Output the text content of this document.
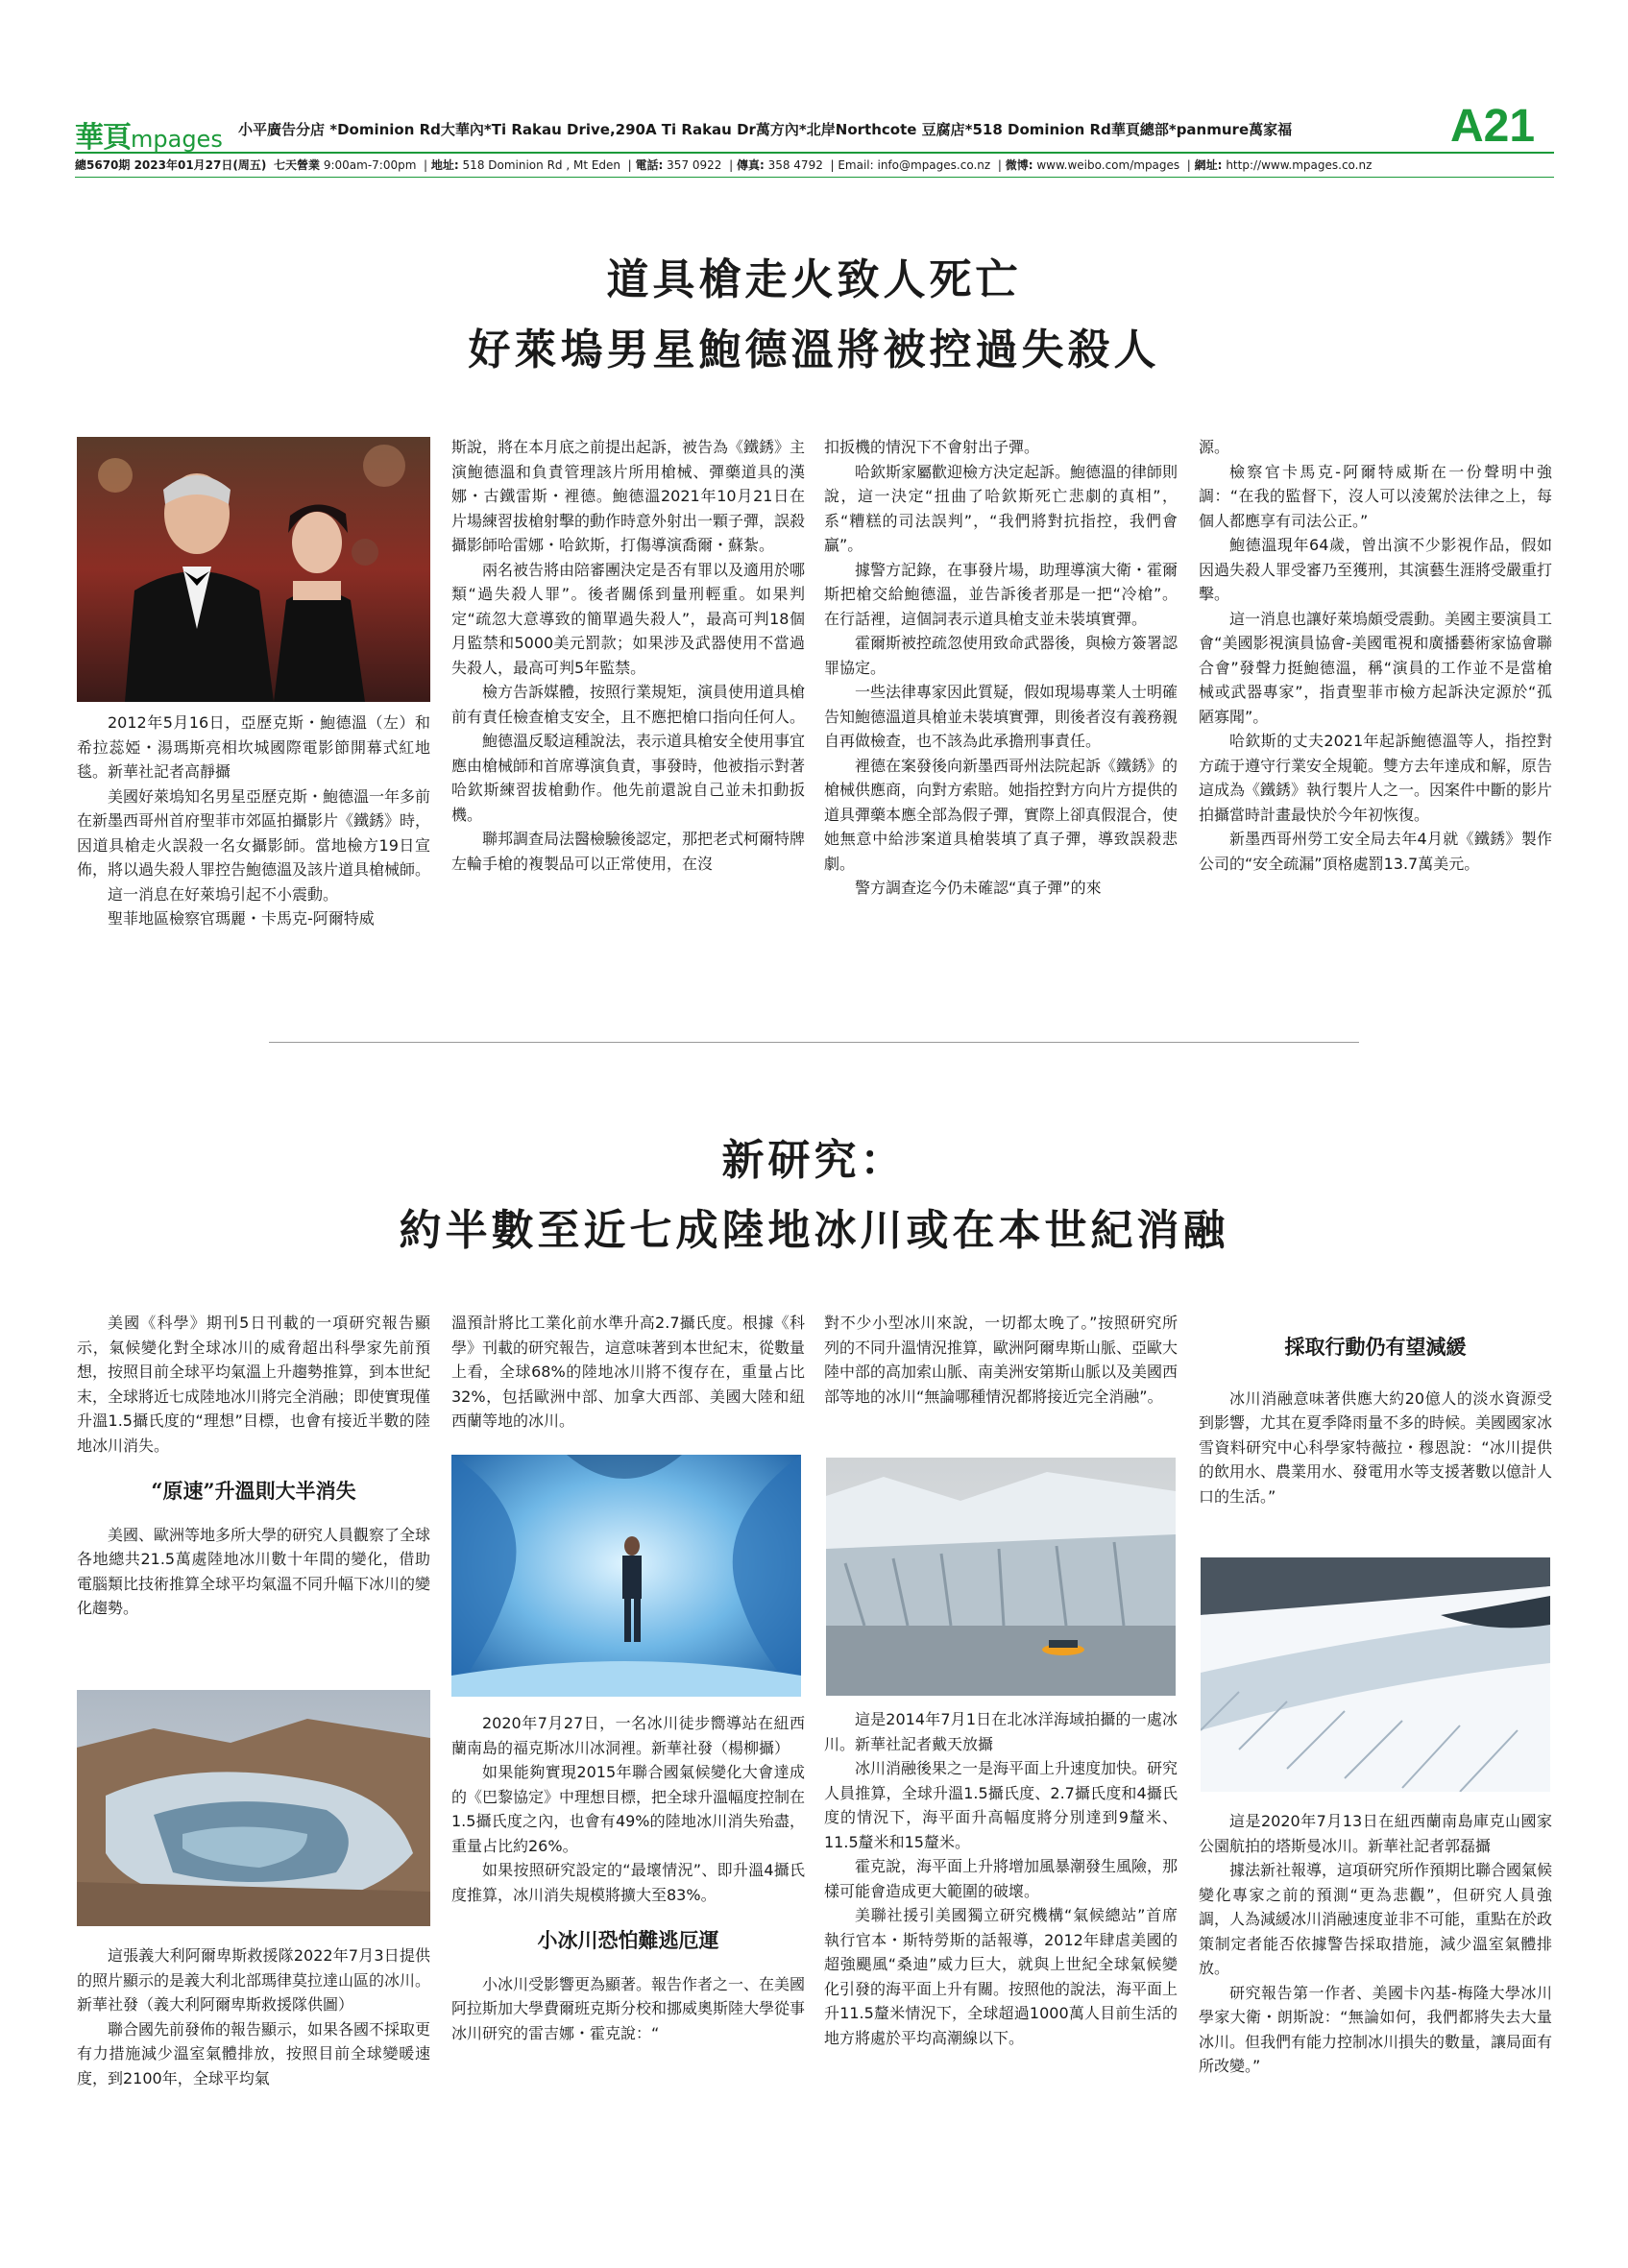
華頁mpages	小平廣告分店 *Dominion Rd大華內*Ti Rakau Drive,290A Ti Rakau Dr萬方內*北岸Northcote 豆腐店*518 Dominion Rd華頁總部*panmure萬家福	A21
總5670期 2023年01月27日(周五) 七天營業 9:00am-7:00pm  | 地址: 518 Dominion Rd , Mt Eden  | 電話: 357 0922  | 傳真: 358 4792  | Email: info@mpages.co.nz  | 微博: www.weibo.com/mpages  | 網址: http://www.mpages.co.nz
道具槍走火致人死亡
好萊塢男星鮑德溫將被控過失殺人

2012年5月16日，亞歷克斯・鮑德溫（左）和希拉蕊婭・湯瑪斯亮相坎城國際電影節開幕式紅地毯。新華社記者高靜攝

美國好萊塢知名男星亞歷克斯・鮑德溫一年多前在新墨西哥州首府聖菲市郊區拍攝影片《鐵銹》時，因道具槍走火誤殺一名女攝影師。當地檢方19日宣佈，將以過失殺人罪控告鮑德溫及該片道具槍械師。

這一消息在好萊塢引起不小震動。

聖菲地區檢察官瑪麗・卡馬克-阿爾特威

斯說，將在本月底之前提出起訴，被告為《鐵銹》主演鮑德溫和負責管理該片所用槍械、彈藥道具的漢娜・古鐵雷斯・裡德。鮑德溫2021年10月21日在片場練習拔槍射擊的動作時意外射出一顆子彈，誤殺攝影師哈雷娜・哈欽斯，打傷導演喬爾・蘇紮。

兩名被告將由陪審團決定是否有罪以及適用於哪類“過失殺人罪”。後者關係到量刑輕重。如果判定“疏忽大意導致的簡單過失殺人”，最高可判18個月監禁和5000美元罰款；如果涉及武器使用不當過失殺人，最高可判5年監禁。

檢方告訴媒體，按照行業規矩，演員使用道具槍前有責任檢查槍支安全，且不應把槍口指向任何人。

鮑德溫反駁這種說法，表示道具槍安全使用事宜應由槍械師和首席導演負責，事發時，他被指示對著哈欽斯練習拔槍動作。他先前還說自己並未扣動扳機。

聯邦調查局法醫檢驗後認定，那把老式柯爾特牌左輪手槍的複製品可以正常使用，在沒

扣扳機的情況下不會射出子彈。

哈欽斯家屬歡迎檢方決定起訴。鮑德溫的律師則說，這一決定“扭曲了哈欽斯死亡悲劇的真相”，系“糟糕的司法誤判”，“我們將對抗指控，我們會贏”。

據警方記錄，在事發片場，助理導演大衛・霍爾斯把槍交給鮑德溫，並告訴後者那是一把“冷槍”。在行話裡，這個詞表示道具槍支並未裝填實彈。

霍爾斯被控疏忽使用致命武器後，與檢方簽署認罪協定。

一些法律專家因此質疑，假如現場專業人士明確告知鮑德溫道具槍並未裝填實彈，則後者沒有義務親自再做檢查，也不該為此承擔刑事責任。

裡德在案發後向新墨西哥州法院起訴《鐵銹》的槍械供應商，向對方索賠。她指控對方向片方提供的道具彈藥本應全部為假子彈，實際上卻真假混合，使她無意中給涉案道具槍裝填了真子彈，導致誤殺悲劇。

警方調查迄今仍未確認“真子彈”的來

源。

檢察官卡馬克-阿爾特威斯在一份聲明中強調：“在我的監督下，沒人可以淩駕於法律之上，每個人都應享有司法公正。”

鮑德溫現年64歲，曾出演不少影視作品，假如因過失殺人罪受審乃至獲刑，其演藝生涯將受嚴重打擊。

這一消息也讓好萊塢頗受震動。美國主要演員工會“美國影視演員協會-美國電視和廣播藝術家協會聯合會”發聲力挺鮑德溫，稱“演員的工作並不是當槍械或武器專家”，指責聖菲市檢方起訴決定源於“孤陋寡聞”。

哈欽斯的丈夫2021年起訴鮑德溫等人，指控對方疏于遵守行業安全規範。雙方去年達成和解，原告這成為《鐵銹》執行製片人之一。因案件中斷的影片拍攝當時計畫最快於今年初恢復。

新墨西哥州勞工安全局去年4月就《鐵銹》製作公司的“安全疏漏”頂格處罰13.7萬美元。

新研究：
約半數至近七成陸地冰川或在本世紀消融

美國《科學》期刊5日刊載的一項研究報告顯示，氣候變化對全球冰川的威脅超出科學家先前預想，按照目前全球平均氣溫上升趨勢推算，到本世紀末，全球將近七成陸地冰川將完全消融；即使實現僅升溫1.5攝氏度的“理想”目標，也會有接近半數的陸地冰川消失。

“原速”升溫則大半消失

美國、歐洲等地多所大學的研究人員觀察了全球各地總共21.5萬處陸地冰川數十年間的變化，借助電腦類比技術推算全球平均氣溫不同升幅下冰川的變化趨勢。

這張義大利阿爾卑斯救援隊2022年7月3日提供的照片顯示的是義大利北部瑪律莫拉達山區的冰川。新華社發（義大利阿爾卑斯救援隊供圖）

聯合國先前發佈的報告顯示，如果各國不採取更有力措施減少溫室氣體排放，按照目前全球變暖速度，到2100年，全球平均氣

溫預計將比工業化前水準升高2.7攝氏度。根據《科學》刊載的研究報告，這意味著到本世紀末，從數量上看，全球68%的陸地冰川將不復存在，重量占比32%，包括歐洲中部、加拿大西部、美國大陸和紐西蘭等地的冰川。

2020年7月27日，一名冰川徒步嚮導站在紐西蘭南島的福克斯冰川冰洞裡。新華社發（楊柳攝）

如果能夠實現2015年聯合國氣候變化大會達成的《巴黎協定》中理想目標，把全球升溫幅度控制在1.5攝氏度之內，也會有49%的陸地冰川消失殆盡，重量占比約26%。

如果按照研究設定的“最壞情況”、即升溫4攝氏度推算，冰川消失規模將擴大至83%。

小冰川恐怕難逃厄運

小冰川受影響更為顯著。報告作者之一、在美國阿拉斯加大學費爾班克斯分校和挪威奧斯陸大學從事冰川研究的雷吉娜・霍克說：“

對不少小型冰川來說，一切都太晚了。”按照研究所列的不同升溫情況推算，歐洲阿爾卑斯山脈、亞歐大陸中部的高加索山脈、南美洲安第斯山脈以及美國西部等地的冰川“無論哪種情況都將接近完全消融”。

這是2014年7月1日在北冰洋海域拍攝的一處冰川。新華社記者戴天放攝

冰川消融後果之一是海平面上升速度加快。研究人員推算，全球升溫1.5攝氏度、2.7攝氏度和4攝氏度的情況下，海平面升高幅度將分別達到9釐米、11.5釐米和15釐米。

霍克說，海平面上升將增加風暴潮發生風險，那樣可能會造成更大範圍的破壞。

美聯社援引美國獨立研究機構“氣候總站”首席執行官本・斯特勞斯的話報導，2012年肆虐美國的超強颶風“桑迪”威力巨大，就與上世紀全球氣候變化引發的海平面上升有關。按照他的說法，海平面上升11.5釐米情況下，全球超過1000萬人目前生活的地方將處於平均高潮線以下。

採取行動仍有望減緩

冰川消融意味著供應大約20億人的淡水資源受到影響，尤其在夏季降雨量不多的時候。美國國家冰雪資料研究中心科學家特薇拉・穆恩說：“冰川提供的飲用水、農業用水、發電用水等支援著數以億計人口的生活。”

這是2020年7月13日在紐西蘭南島庫克山國家公園航拍的塔斯曼冰川。新華社記者郭磊攝

據法新社報導，這項研究所作預期比聯合國氣候變化專家之前的預測“更為悲觀”，但研究人員強調，人為減緩冰川消融速度並非不可能，重點在於政策制定者能否依據警告採取措施，減少溫室氣體排放。

研究報告第一作者、美國卡內基-梅隆大學冰川學家大衛・朗斯說：“無論如何，我們都將失去大量冰川。但我們有能力控制冰川損失的數量，讓局面有所改變。”
